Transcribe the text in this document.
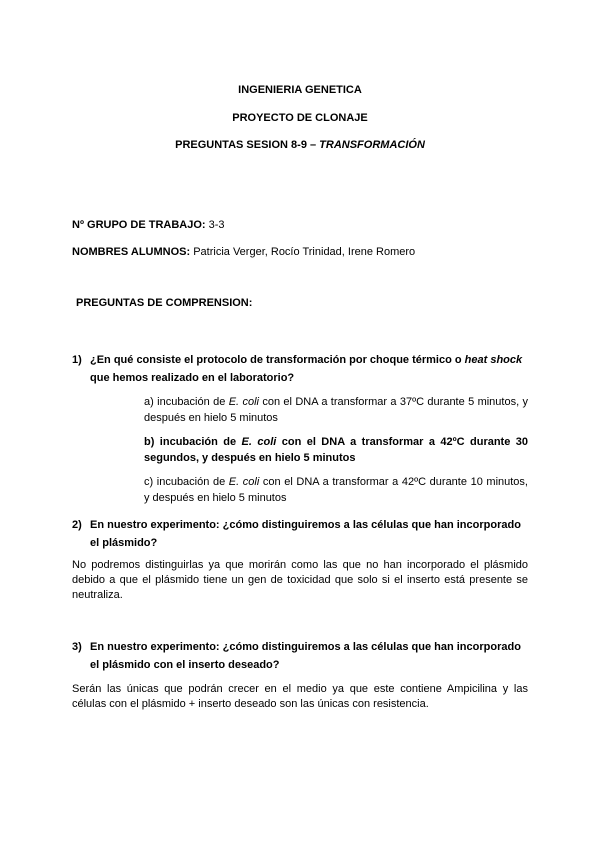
INGENIERIA GENETICA
PROYECTO DE CLONAJE
PREGUNTAS SESION 8-9 – TRANSFORMACIÓN
Nº GRUPO DE TRABAJO: 3-3
NOMBRES ALUMNOS: Patricia Verger, Rocío Trinidad, Irene Romero
PREGUNTAS DE COMPRENSION:
1) ¿En qué consiste el protocolo de transformación por choque térmico o heat shock
que hemos realizado en el laboratorio?
a) incubación de E. coli con el DNA a transformar a 37ºC durante 5 minutos, y
después en hielo 5 minutos
b) incubación de E. coli con el DNA a transformar a 42ºC durante 30
segundos, y después en hielo 5 minutos
c) incubación de E. coli con el DNA a transformar a 42ºC durante 10 minutos,
y después en hielo 5 minutos
2) En nuestro experimento: ¿cómo distinguiremos a las células que han incorporado
el plásmido?
No podremos distinguirlas ya que morirán como las que no han incorporado el plásmido
debido a que el plásmido tiene un gen de toxicidad que solo si el inserto está presente se
neutraliza.
3) En nuestro experimento: ¿cómo distinguiremos a las células que han incorporado
el plásmido con el inserto deseado?
Serán las únicas que podrán crecer en el medio ya que este contiene Ampicilina y las
células con el plásmido + inserto deseado son las únicas con resistencia.
